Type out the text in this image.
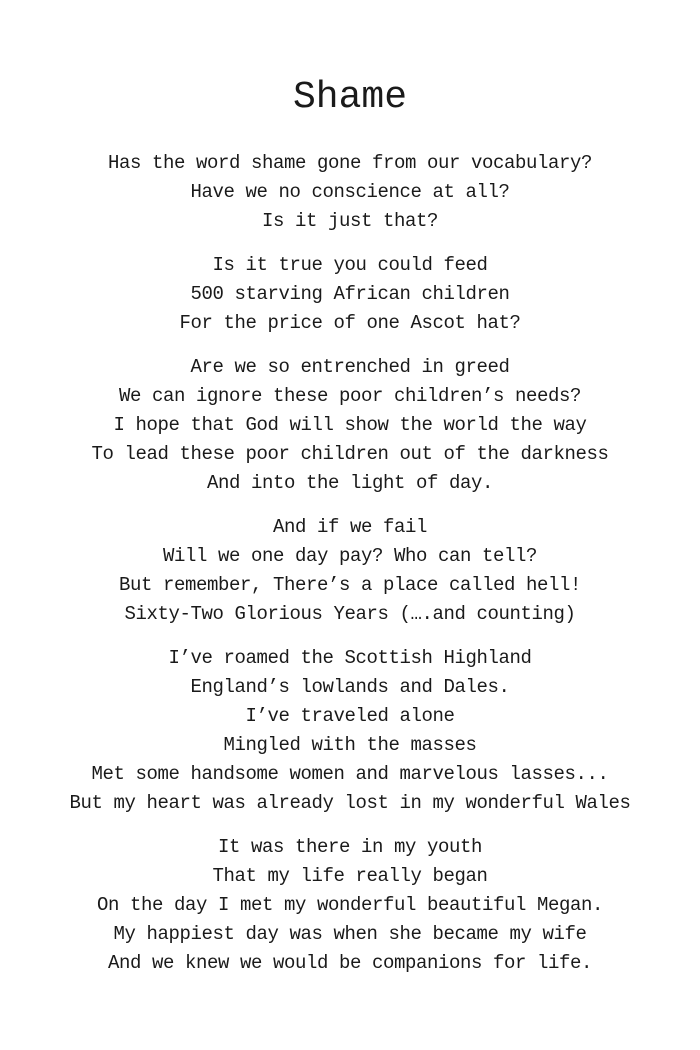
Shame
Has the word shame gone from our vocabulary?
Have we no conscience at all?
Is it just that?
Is it true you could feed
500 starving African children
For the price of one Ascot hat?
Are we so entrenched in greed
We can ignore these poor children’s needs?
I hope that God will show the world the way
To lead these poor children out of the darkness
And into the light of day.
And if we fail
Will we one day pay? Who can tell?
But remember, There’s a place called hell!
Sixty-Two Glorious Years (….and counting)
I’ve roamed the Scottish Highland
England’s lowlands and Dales.
I’ve traveled alone
Mingled with the masses
Met some handsome women and marvelous lasses...
But my heart was already lost in my wonderful Wales
It was there in my youth
That my life really began
On the day I met my wonderful beautiful Megan.
My happiest day was when she became my wife
And we knew we would be companions for life.
